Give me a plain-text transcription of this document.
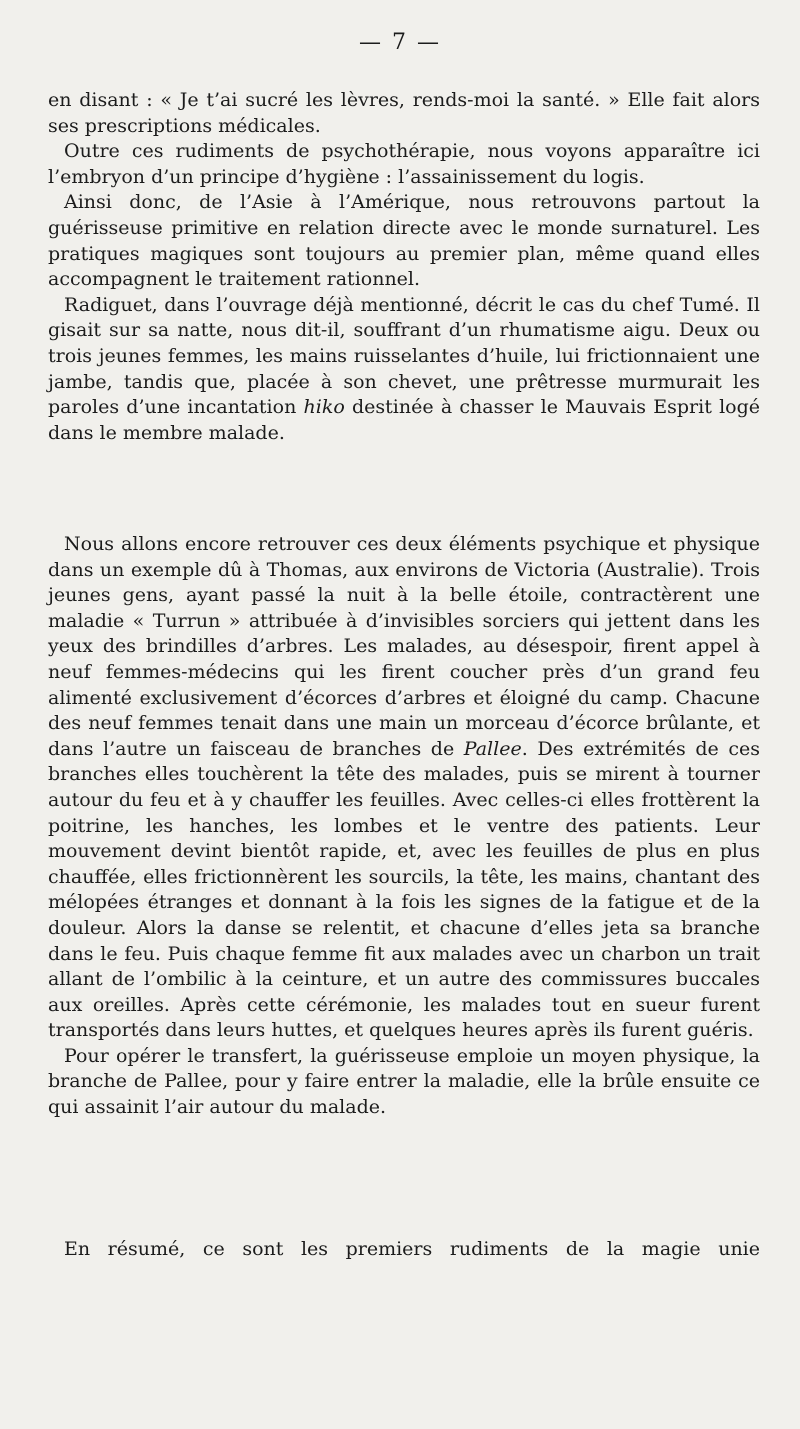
— 7 —

en disant : « Je t’ai sucré les lèvres, rends-moi la santé. » Elle fait alors ses prescriptions médicales.

Outre ces rudiments de psychothérapie, nous voyons apparaître ici l’embryon d’un principe d’hygiène : l’assainissement du logis.

Ainsi donc, de l’Asie à l’Amérique, nous retrouvons partout la guérisseuse primitive en relation directe avec le monde surnaturel. Les pratiques magiques sont toujours au premier plan, même quand elles accompagnent le traitement rationnel.

Radiguet, dans l’ouvrage déjà mentionné, décrit le cas du chef Tumé. Il gisait sur sa natte, nous dit-il, souffrant d’un rhumatisme aigu. Deux ou trois jeunes femmes, les mains ruisselantes d’huile, lui frictionnaient une jambe, tandis que, placée à son chevet, une prêtresse murmurait les paroles d’une incantation hiko destinée à chasser le Mauvais Esprit logé dans le membre malade.

Nous allons encore retrouver ces deux éléments psychique et physique dans un exemple dû à Thomas, aux environs de Victoria (Australie). Trois jeunes gens, ayant passé la nuit à la belle étoile, contractèrent une maladie « Turrun » attribuée à d’invisibles sorciers qui jettent dans les yeux des brindilles d’arbres. Les malades, au désespoir, firent appel à neuf femmes-médecins qui les firent coucher près d’un grand feu alimenté exclusivement d’écorces d’arbres et éloigné du camp. Chacune des neuf femmes tenait dans une main un morceau d’écorce brûlante, et dans l’autre un faisceau de branches de Pallee. Des extrémités de ces branches elles touchèrent la tête des malades, puis se mirent à tourner autour du feu et à y chauffer les feuilles. Avec celles-ci elles frottèrent la poitrine, les hanches, les lombes et le ventre des patients. Leur mouvement devint bientôt rapide, et, avec les feuilles de plus en plus chauffée, elles frictionnèrent les sourcils, la tête, les mains, chantant des mélopées étranges et donnant à la fois les signes de la fatigue et de la douleur. Alors la danse se relentit, et chacune d’elles jeta sa branche dans le feu. Puis chaque femme fit aux malades avec un charbon un trait allant de l’ombilic à la ceinture, et un autre des commissures buccales aux oreilles. Après cette cérémonie, les malades tout en sueur furent transportés dans leurs huttes, et quelques heures après ils furent guéris.

Pour opérer le transfert, la guérisseuse emploie un moyen physique, la branche de Pallee, pour y faire entrer la maladie, elle la brûle ensuite ce qui assainit l’air autour du malade.

En résumé, ce sont les premiers rudiments de la magie unie
